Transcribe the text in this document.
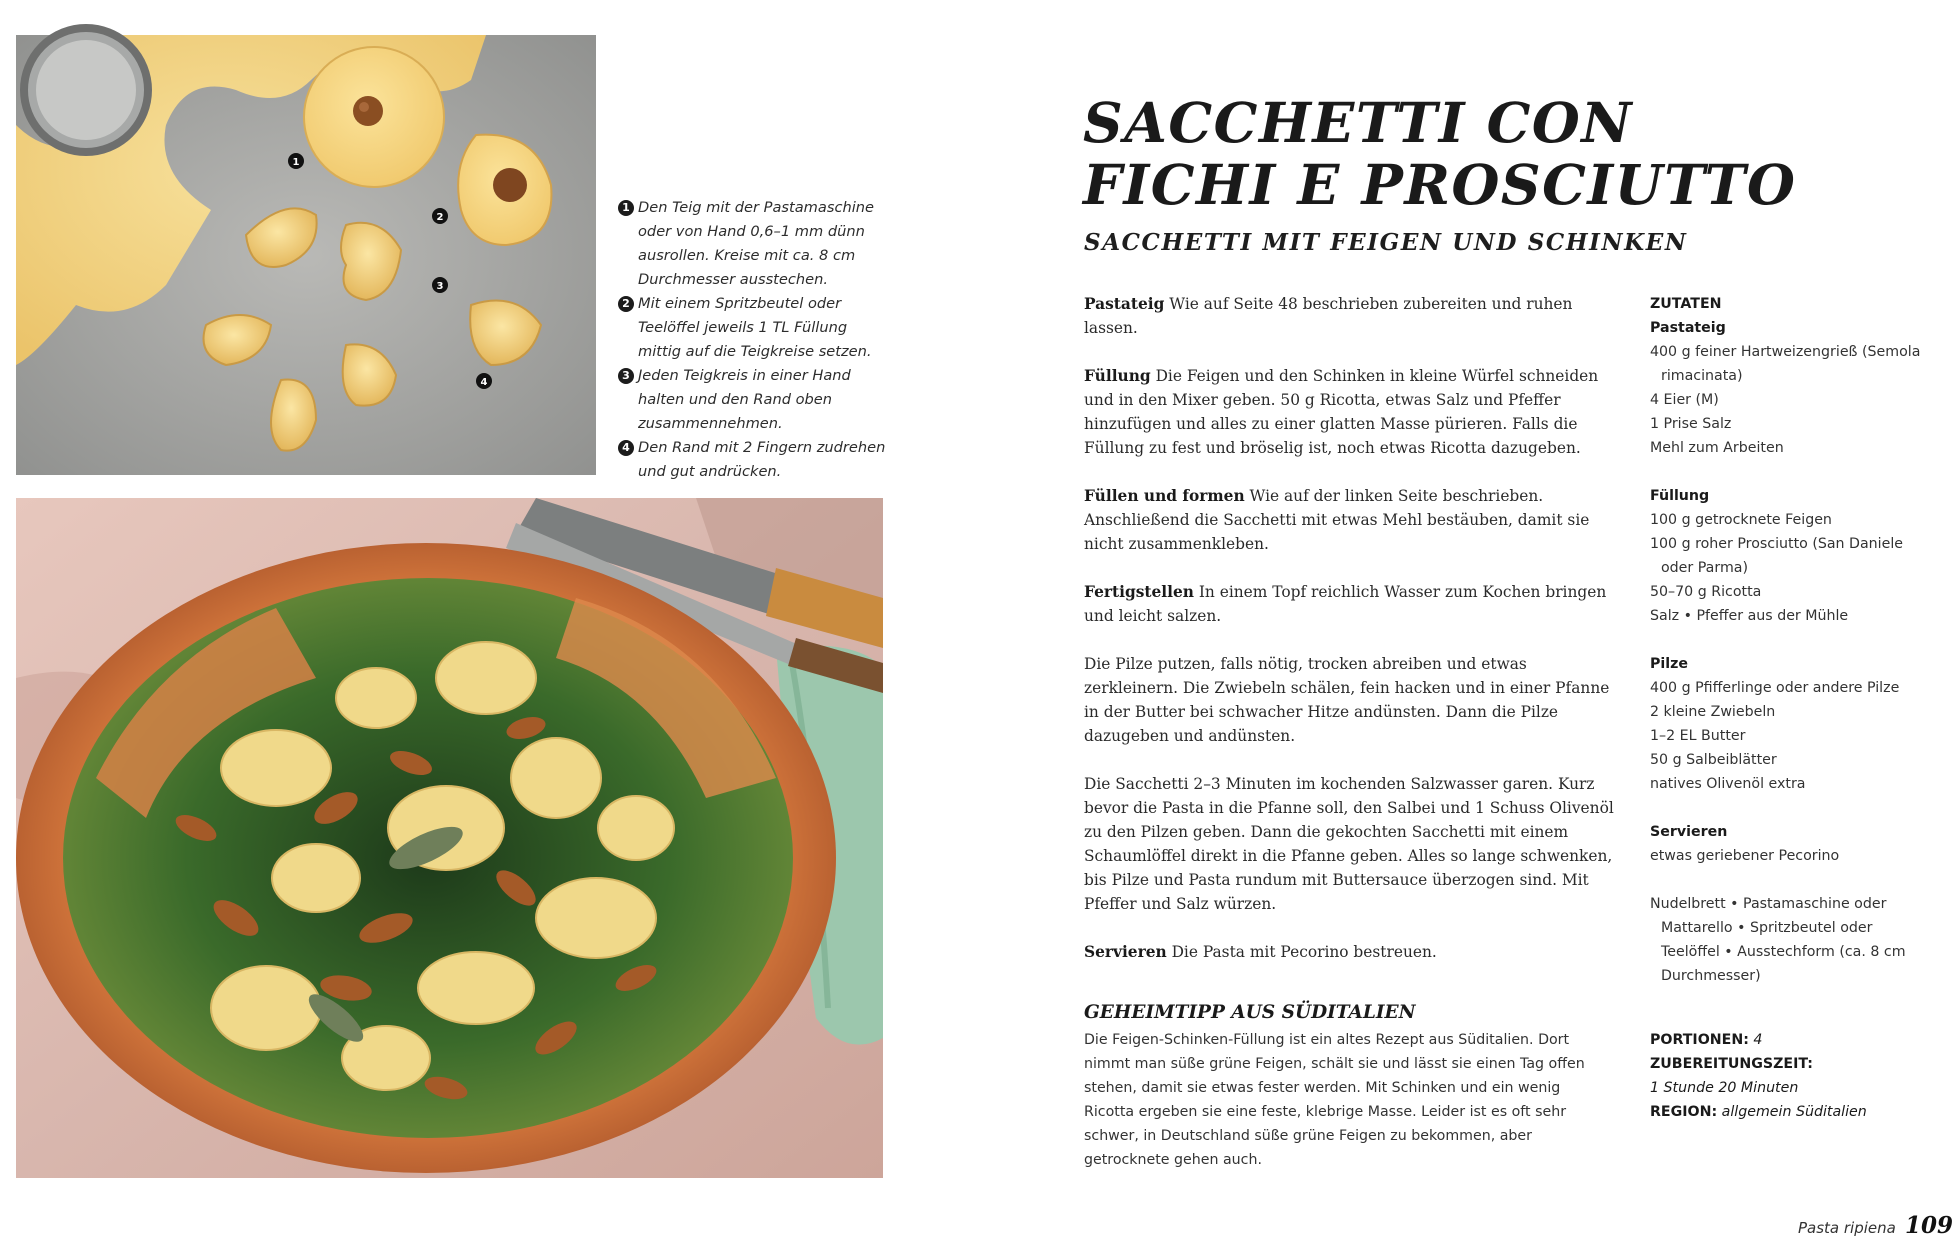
1
2
3
4
1 Den Teig mit der Pastamaschine oder von Hand 0,6–1 mm dünn ausrollen. Kreise mit ca. 8 cm Durchmesser ausstechen.
2 Mit einem Spritzbeutel oder Teelöffel jeweils 1 TL Füllung mittig auf die Teigkreise setzen.
3 Jeden Teigkreis in einer Hand halten und den Rand oben zusammennehmen.
4 Den Rand mit 2 Fingern zudrehen und gut andrücken.
SACCHETTI CON
FICHI E PROSCIUTTO
SACCHETTI MIT FEIGEN UND SCHINKEN

Pastateig Wie auf Seite 48 beschrieben zubereiten und ruhen lassen.

Füllung Die Feigen und den Schinken in kleine Würfel schneiden und in den Mixer geben. 50 g Ricotta, etwas Salz und Pfeffer hinzufügen und alles zu einer glatten Masse pürieren. Falls die Füllung zu fest und bröselig ist, noch etwas Ricotta dazugeben.

Füllen und formen Wie auf der linken Seite beschrieben. Anschließend die Sacchetti mit etwas Mehl bestäuben, damit sie nicht zusammenkleben.

Fertigstellen In einem Topf reichlich Wasser zum Kochen bringen und leicht salzen.

Die Pilze putzen, falls nötig, trocken abreiben und etwas zerkleinern. Die Zwiebeln schälen, fein hacken und in einer Pfanne in der Butter bei schwacher Hitze andünsten. Dann die Pilze dazugeben und andünsten.

Die Sacchetti 2–3 Minuten im kochenden Salzwasser garen. Kurz bevor die Pasta in die Pfanne soll, den Salbei und 1 Schuss Olivenöl zu den Pilzen geben. Dann die gekochten Sacchetti mit einem Schaumlöffel direkt in die Pfanne geben. Alles so lange schwenken, bis Pilze und Pasta rundum mit Buttersauce überzogen sind. Mit Pfeffer und Salz würzen.

Servieren Die Pasta mit Pecorino bestreuen.

GEHEIMTIPP AUS SÜDITALIEN

Die Feigen-Schinken-Füllung ist ein altes Rezept aus Süditalien. Dort nimmt man süße grüne Feigen, schält sie und lässt sie einen Tag offen stehen, damit sie etwas fester werden. Mit Schinken und ein wenig Ricotta ergeben sie eine feste, klebrige Masse. Leider ist es oft sehr schwer, in Deutschland süße grüne Feigen zu bekommen, aber getrocknete gehen auch.

ZUTATEN
Pastateig
400 g feiner Hartweizengrieß (Semola rimacinata)
4 Eier (M)
1 Prise Salz
Mehl zum Arbeiten
Füllung
100 g getrocknete Feigen
100 g roher Prosciutto (San Daniele oder Parma)
50–70 g Ricotta
Salz • Pfeffer aus der Mühle
Pilze
400 g Pfifferlinge oder andere Pilze
2 kleine Zwiebeln
1–2 EL Butter
50 g Salbeiblätter
natives Olivenöl extra
Servieren
etwas geriebener Pecorino
Nudelbrett • Pastamaschine oder Mattarello • Spritzbeutel oder Teelöffel • Ausstechform (ca. 8 cm Durchmesser)
PORTIONEN: 4
ZUBEREITUNGSZEIT:
1 Stunde 20 Minuten
REGION: allgemein Süditalien
Pasta ripiena 109
